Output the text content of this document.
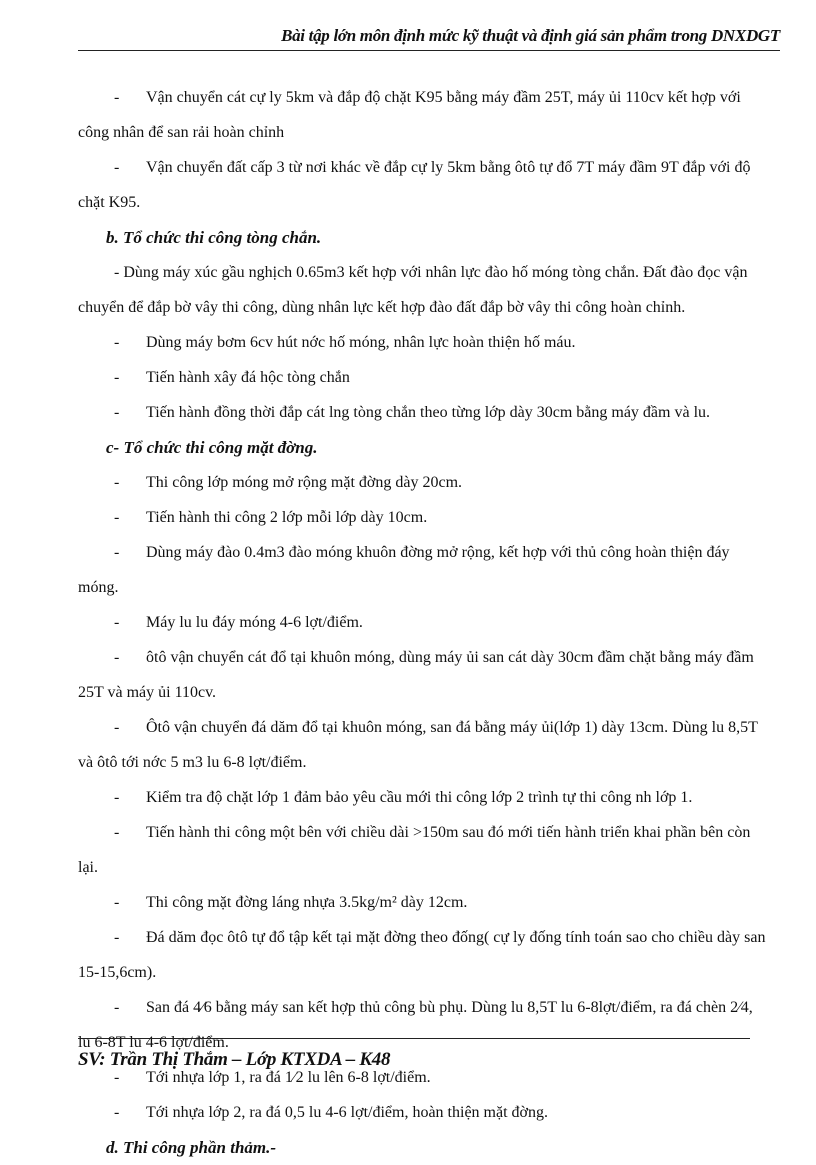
Bài tập lớn môn định mức kỹ thuật và định giá sản phẩm trong DNXDGT

- Vận chuyển cát cự ly 5km và đắp độ chặt K95 bằng máy đầm 25T, máy ủi 110cv kết hợp với công nhân để san rải hoàn chỉnh

- Vận chuyển đất cấp 3 từ nơi khác về đắp cự ly 5km bằng ôtô tự đổ 7T máy đầm 9T đắp với độ chặt K95.

b. Tổ chức thi công tòng chắn.

- Dùng máy xúc gầu nghịch 0.65m3 kết hợp với nhân lực đào hố móng tòng chắn. Đất đào đọc vận chuyển để đắp bờ vây thi công, dùng nhân lực kết hợp đào đất đắp bờ vây thi công hoàn chỉnh.

- Dùng máy bơm 6cv hút nớc hố móng, nhân lực hoàn thiện hố máu.

- Tiến hành xây đá hộc tòng chắn

- Tiến hành đồng thời đắp cát lng tòng chắn theo từng lớp dày 30cm bằng máy đầm và lu.

c- Tổ chức thi công mặt đờng.

- Thi công lớp móng mở rộng mặt đờng dày 20cm.

- Tiến hành thi công 2 lớp mỗi lớp dày 10cm.

- Dùng máy đào 0.4m3 đào móng khuôn đờng mở rộng, kết hợp với thủ công hoàn thiện đáy móng.

- Máy lu lu đáy móng 4-6 lợt/điểm.

- ôtô vận chuyển cát đổ tại khuôn móng, dùng máy ủi san cát dày 30cm đầm chặt bằng máy đầm 25T và máy ủi 110cv.

- Ôtô vận chuyển đá dăm đổ tại khuôn móng, san đá bằng máy ủi(lớp 1) dày 13cm. Dùng lu 8,5T và ôtô tới nớc 5 m3 lu 6-8 lợt/điểm.

- Kiểm tra độ chặt lớp 1 đảm bảo yêu cầu mới thi công lớp 2 trình tự thi công nh lớp 1.

- Tiến hành thi công một bên với chiều dài >150m sau đó mới tiến hành triển khai phần bên còn lại.

- Thi công mặt đờng láng nhựa 3.5kg/m² dày 12cm.

- Đá dăm đọc ôtô tự đổ tập kết tại mặt đờng theo đống( cự ly đống tính toán sao cho chiều dày san 15-15,6cm).

- San đá 4⁄6 bằng máy san kết hợp thủ công bù phụ. Dùng lu 8,5T lu 6-8lợt/điểm, ra đá chèn 2⁄4, lu 6-8T lu 4-6 lợt/điểm.

- Tới nhựa lớp 1, ra đá 1⁄2 lu lên 6-8 lợt/điểm.

- Tới nhựa lớp 2, ra đá 0,5 lu 4-6 lợt/điểm, hoàn thiện mặt đờng.

d. Thi công phần thảm.-

SV: Trần Thị Thắm – Lớp KTXDA – K48
